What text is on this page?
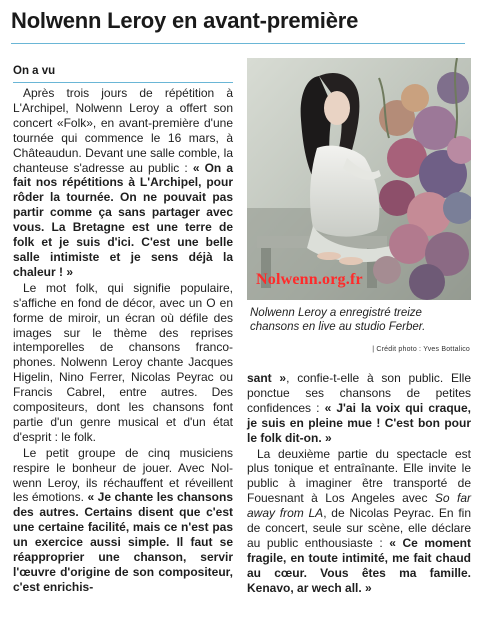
Nolwenn Leroy en avant-première
On a vu

Après trois jours de répétition à L'Archipel, Nolwenn Leroy a offert son concert «Folk», en avant-première d'une tournée qui commence le 16 mars, à Châteaudun. Devant une salle comble, la chanteuse s'adresse au public : « On a fait nos répétitions à L'Archipel, pour rôder la tournée. On ne pouvait pas partir comme ça sans partager avec vous. La Bretagne est une terre de folk et je suis d'ici. C'est une belle salle intimiste et je sens déjà la chaleur ! »

Le mot folk, qui signifie populaire, s'affiche en fond de décor, avec un O en forme de miroir, un écran où défile des images sur le thème des reprises intemporelles de chansons francophones. Nolwenn Leroy chante Jacques Higelin, Nino Ferrer, Nicolas Peyrac ou Francis Cabrel, entre autres. Des compositeurs, dont les chansons font partie d'un genre musical et d'un état d'esprit : le folk.

Le petit groupe de cinq musiciens respire le bonheur de jouer. Avec Nolwenn Leroy, ils réchauffent et réveillent les émotions. « Je chante les chansons des autres. Certains disent que c'est une certaine facilité, mais ce n'est pas un exercice aussi simple. Il faut se réapproprier une chanson, servir l'œuvre d'origine de son compositeur, c'est enrichis-

Nolwenn.org.fr
Nolwenn Leroy a enregistré treize chansons en live au studio Ferber.
| Crédit photo : Yves Bottalico

sant », confie-t-elle à son public. Elle ponctue ses chansons de petites confidences : « J'ai la voix qui craque, je suis en pleine mue ! C'est bon pour le folk dit-on. »

La deuxième partie du spectacle est plus tonique et entraînante. Elle invite le public à imaginer être transporté de Fouesnant à Los Angeles avec So far away from LA, de Nicolas Peyrac. En fin de concert, seule sur scène, elle déclare au public enthousiaste : « Ce moment fragile, en toute intimité, me fait chaud au cœur. Vous êtes ma famille. Kenavo, ar wech all. »
